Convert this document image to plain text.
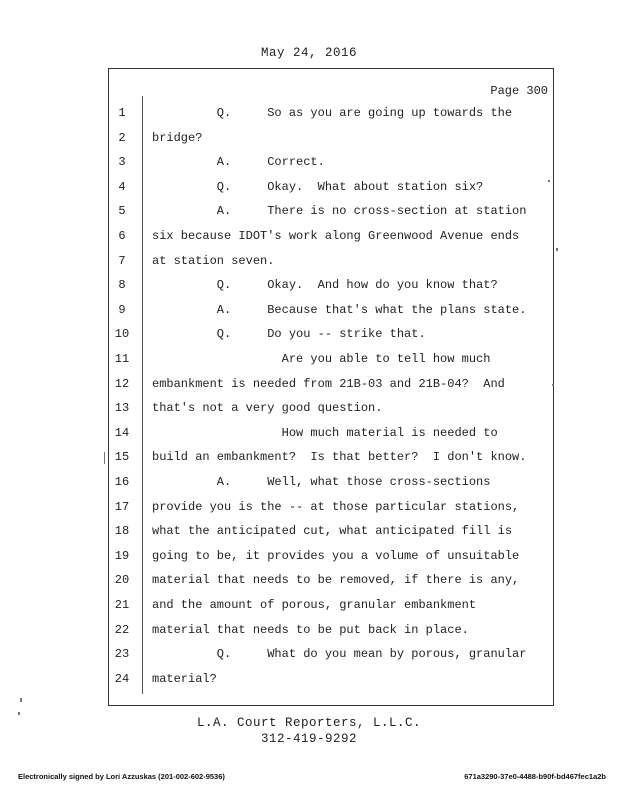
May 24, 2016
Page 300
1 Q.     So as you are going up towards the
2 bridge?
3 A.     Correct.
4 Q.     Okay.  What about station six?
5 A.     There is no cross-section at station
6 six because IDOT's work along Greenwood Avenue ends
7 at station seven.
8 Q.     Okay.  And how do you know that?
9 A.     Because that's what the plans state.
10 Q.     Do you -- strike that.
11 Are you able to tell how much
12 embankment is needed from 21B-03 and 21B-04?  And
13 that's not a very good question.
14 How much material is needed to
15 build an embankment?  Is that better?  I don't know.
16 A.     Well, what those cross-sections
17 provide you is the -- at those particular stations,
18 what the anticipated cut, what anticipated fill is
19 going to be, it provides you a volume of unsuitable
20 material that needs to be removed, if there is any,
21 and the amount of porous, granular embankment
22 material that needs to be put back in place.
23 Q.     What do you mean by porous, granular
24 material?
L.A. Court Reporters, L.L.C.
312-419-9292
Electronically signed by Lori Azzuskas (201-002-602-9536)	671a3290-37e0-4488-b90f-bd467fec1a2b
